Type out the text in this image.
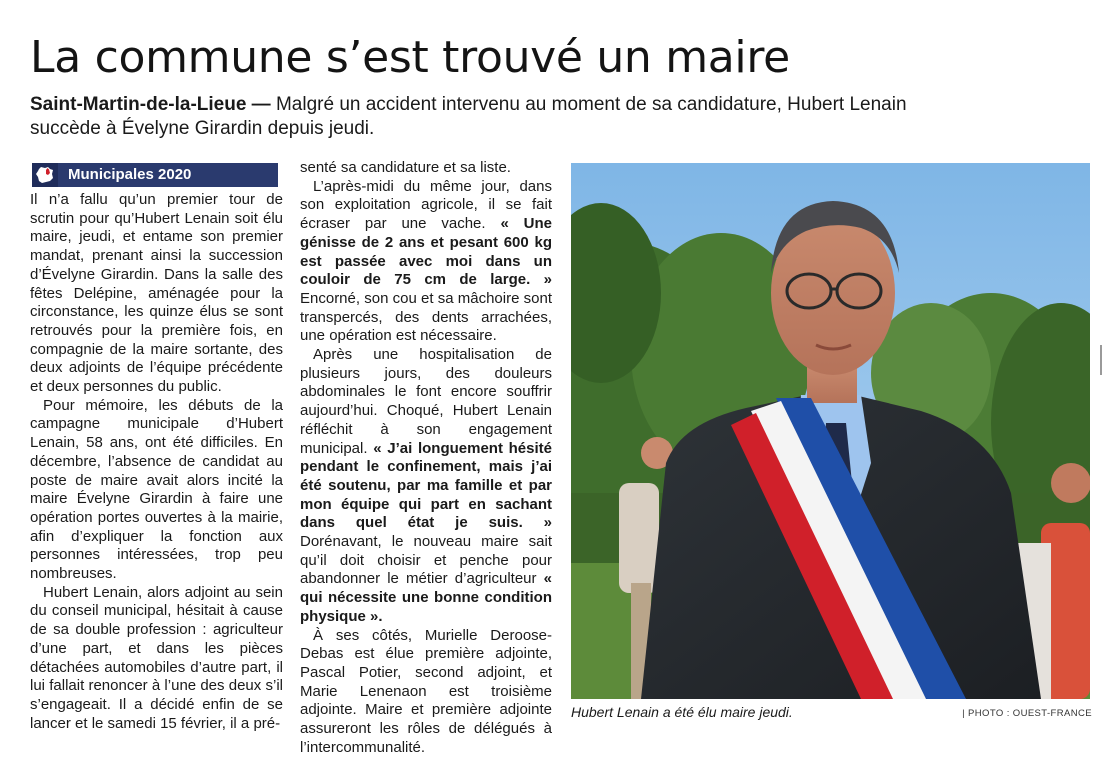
La commune s’est trouvé un maire

Saint-Martin-de-la-Lieue — Malgré un accident intervenu au moment de sa candidature, Hubert Lenain succède à Évelyne Girardin depuis jeudi.

Municipales 2020

Il n’a fallu qu’un premier tour de scrutin pour qu’Hubert Lenain soit élu maire, jeudi, et entame son premier mandat, prenant ainsi la succession d’Évelyne Girardin. Dans la salle des fêtes Delépine, aménagée pour la circonstance, les quinze élus se sont retrouvés pour la première fois, en compagnie de la maire sortante, des deux adjoints de l’équipe précédente et deux personnes du public.

Pour mémoire, les débuts de la campagne municipale d’Hubert Lenain, 58 ans, ont été difficiles. En décembre, l’absence de candidat au poste de maire avait alors incité la maire Évelyne Girardin à faire une opération portes ouvertes à la mairie, afin d’expliquer la fonction aux personnes intéressées, trop peu nombreuses.

Hubert Lenain, alors adjoint au sein du conseil municipal, hésitait à cause de sa double profession : agriculteur d’une part, et dans les pièces détachées automobiles d’autre part, il lui fallait renoncer à l’une des deux s’il s’engageait. Il a décidé enfin de se lancer et le samedi 15 février, il a pré-

senté sa candidature et sa liste.

L’après-midi du même jour, dans son exploitation agricole, il se fait écraser par une vache. « Une génisse de 2 ans et pesant 600 kg est passée avec moi dans un couloir de 75 cm de large. » Encorné, son cou et sa mâchoire sont transpercés, des dents arrachées, une opération est nécessaire.

Après une hospitalisation de plusieurs jours, des douleurs abdominales le font encore souffrir aujourd’hui. Choqué, Hubert Lenain réfléchit à son engagement municipal. « J’ai longuement hésité pendant le confinement, mais j’ai été soutenu, par ma famille et par mon équipe qui part en sachant dans quel état je suis. » Dorénavant, le nouveau maire sait qu’il doit choisir et penche pour abandonner le métier d’agriculteur « qui nécessite une bonne condition physique ».

À ses côtés, Murielle Deroose-Debas est élue première adjointe, Pascal Potier, second adjoint, et Marie Lenenaon est troisième adjointe. Maire et première adjointe assureront les rôles de délégués à l’intercommunalité.

Hubert Lenain a été élu maire jeudi.	| PHOTO : OUEST-FRANCE
